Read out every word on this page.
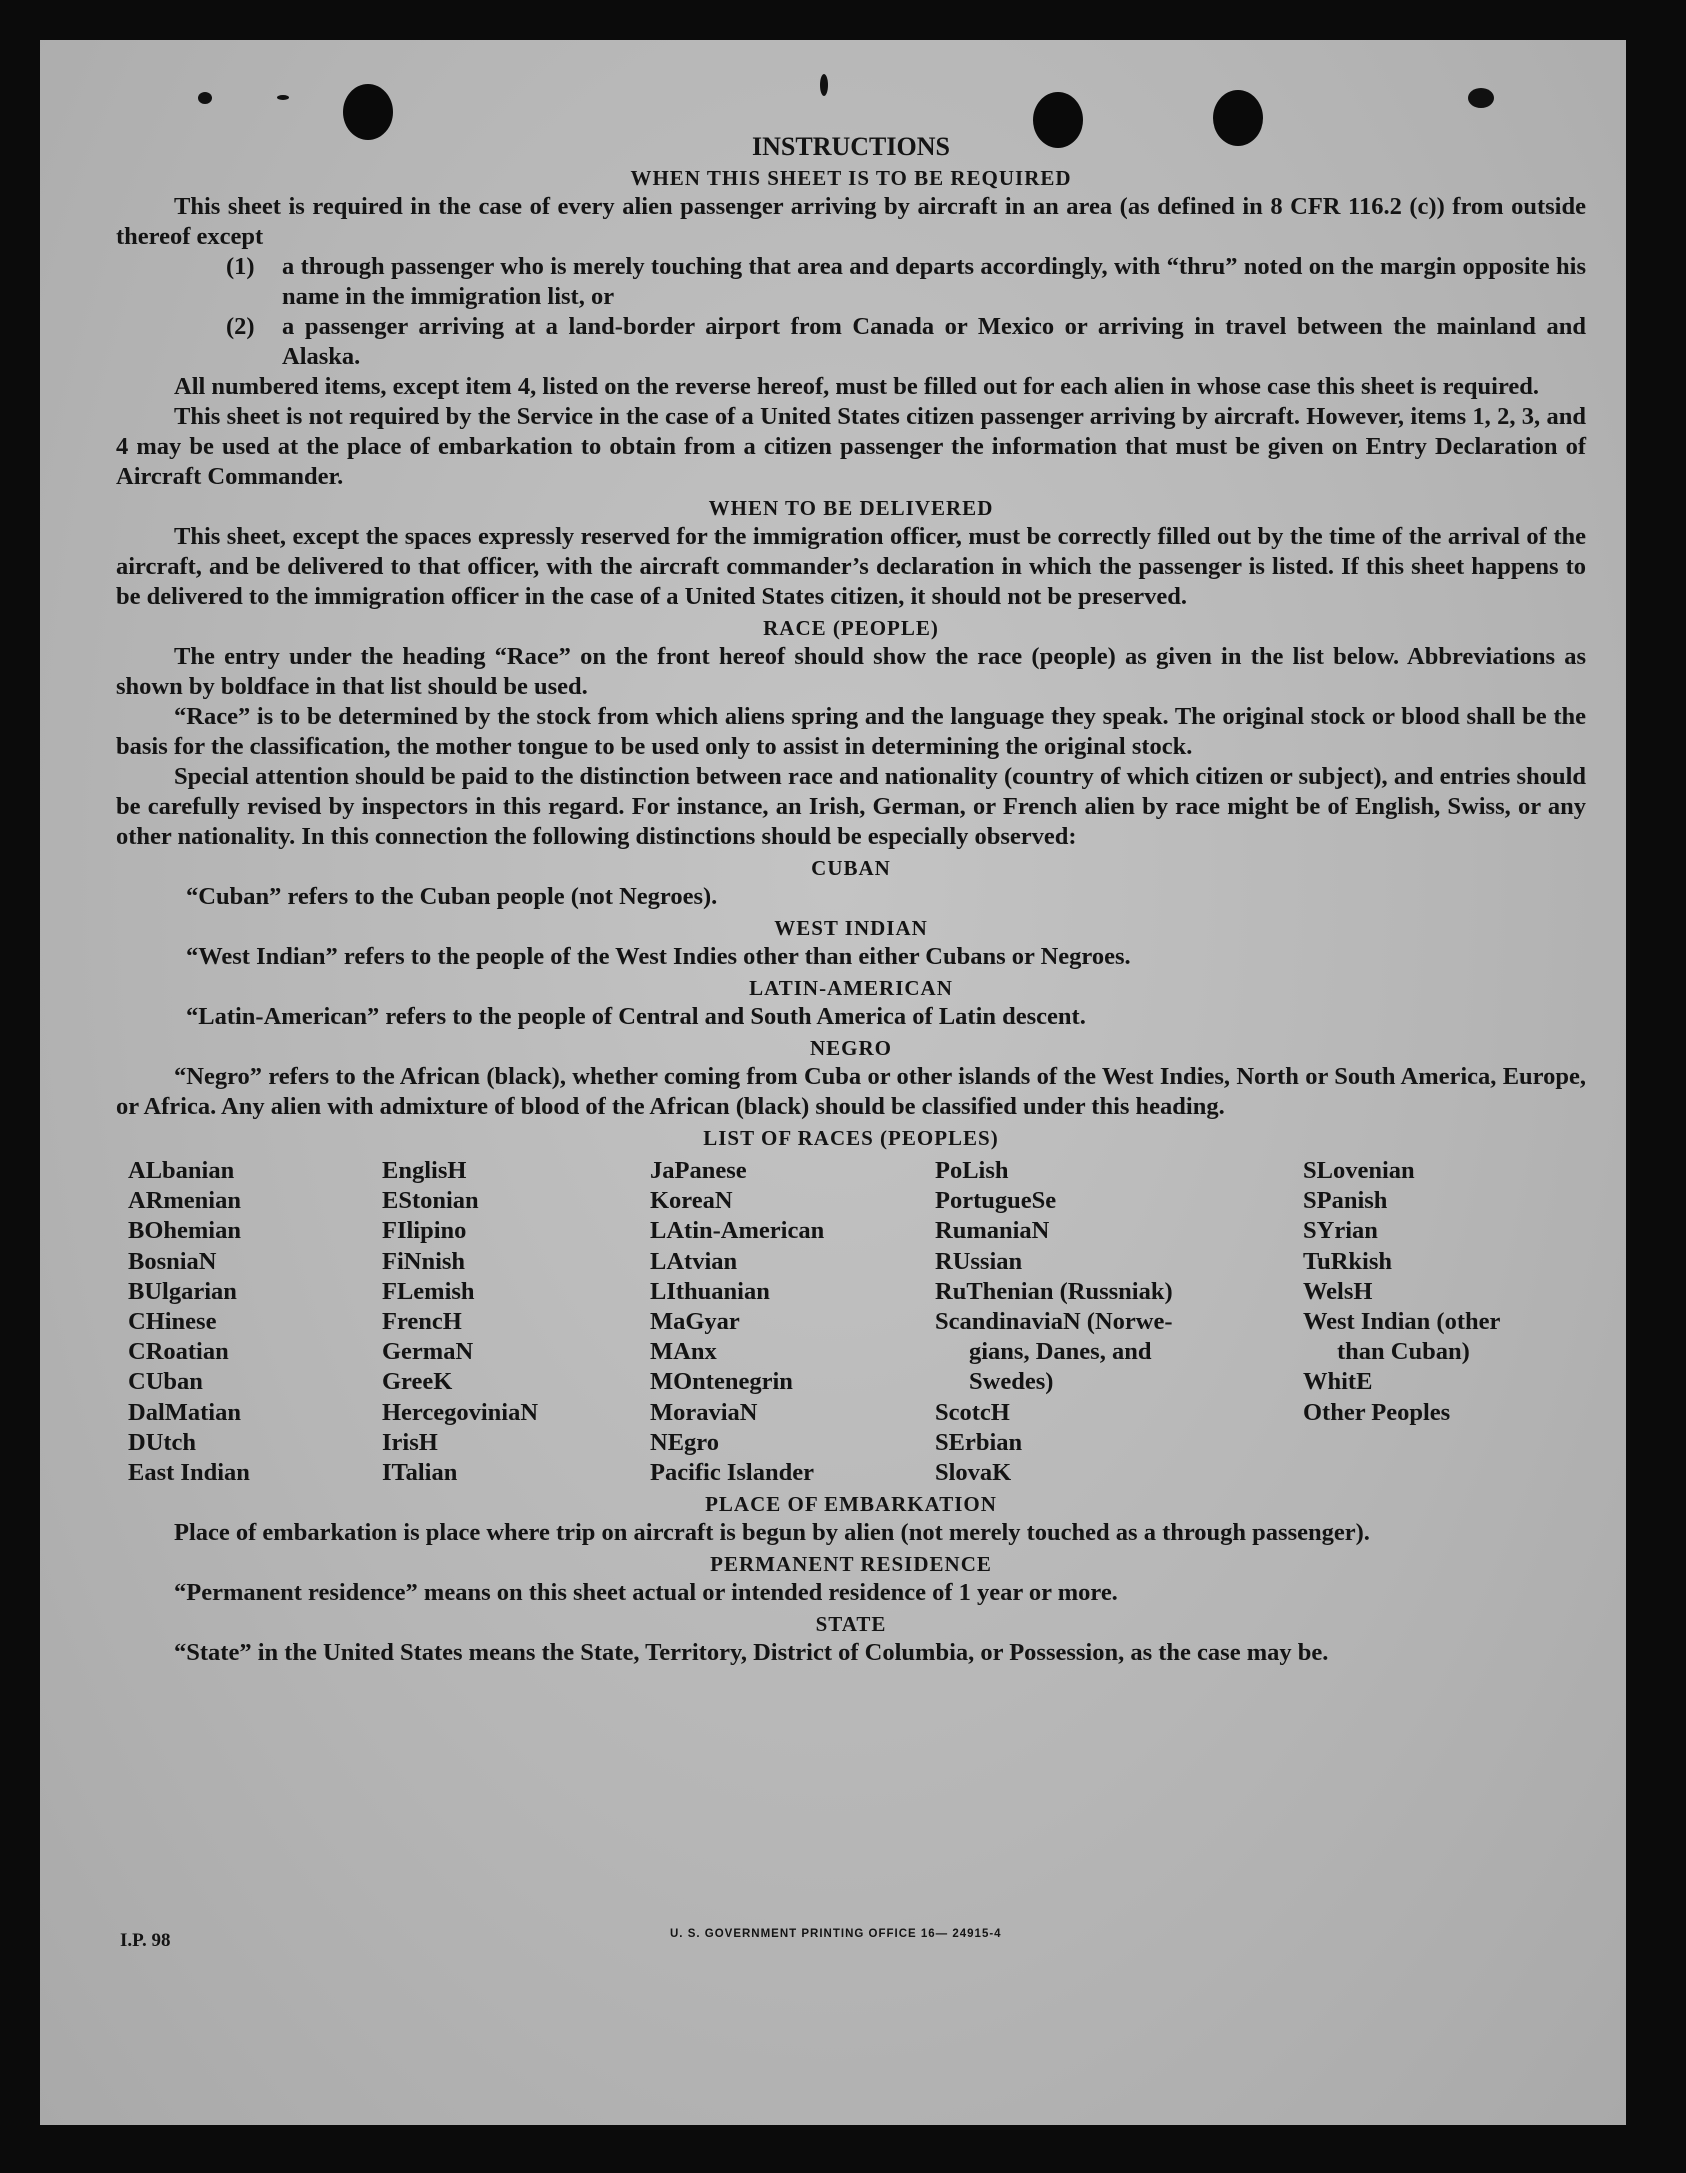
INSTRUCTIONS
WHEN THIS SHEET IS TO BE REQUIRED

This sheet is required in the case of every alien passenger arriving by aircraft in an area (as defined in 8 CFR 116.2 (c)) from outside thereof except

(1)	a through passenger who is merely touching that area and departs accordingly, with “thru” noted on the margin opposite his name in the immigration list, or
(2)	a passenger arriving at a land-border airport from Canada or Mexico or arriving in travel between the mainland and Alaska.

All numbered items, except item 4, listed on the reverse hereof, must be filled out for each alien in whose case this sheet is required.

This sheet is not required by the Service in the case of a United States citizen passenger arriving by aircraft. However, items 1, 2, 3, and 4 may be used at the place of embarkation to obtain from a citizen passenger the information that must be given on Entry Declaration of Aircraft Commander.

WHEN TO BE DELIVERED

This sheet, except the spaces expressly reserved for the immigration officer, must be correctly filled out by the time of the arrival of the aircraft, and be delivered to that officer, with the aircraft commander’s declaration in which the passenger is listed. If this sheet happens to be delivered to the immigration officer in the case of a United States citizen, it should not be preserved.

RACE (PEOPLE)

The entry under the heading “Race” on the front hereof should show the race (people) as given in the list below. Abbreviations as shown by boldface in that list should be used.

“Race” is to be determined by the stock from which aliens spring and the language they speak. The original stock or blood shall be the basis for the classification, the mother tongue to be used only to assist in determining the original stock.

Special attention should be paid to the distinction between race and nationality (country of which citizen or subject), and entries should be carefully revised by inspectors in this regard. For instance, an Irish, German, or French alien by race might be of English, Swiss, or any other nationality. In this connection the following distinctions should be especially observed:

CUBAN

“Cuban” refers to the Cuban people (not Negroes).

WEST INDIAN

“West Indian” refers to the people of the West Indies other than either Cubans or Negroes.

LATIN-AMERICAN

“Latin-American” refers to the people of Central and South America of Latin descent.

NEGRO

“Negro” refers to the African (black), whether coming from Cuba or other islands of the West Indies, North or South America, Europe, or Africa. Any alien with admixture of blood of the African (black) should be classified under this heading.

LIST OF RACES (PEOPLES)
ALbanian
ARmenian
BOhemian
BosniaN
BUlgarian
CHinese
CRoatian
CUban
DalMatian
DUtch
East Indian
EnglisH
EStonian
FIlipino
FiNnish
FLemish
FrencH
GermaN
GreeK
HercegoviniaN
IrisH
ITalian
JaPanese
KoreaN
LAtin-American
LAtvian
LIthuanian
MaGyar
MAnx
MOntenegrin
MoraviaN
NEgro
Pacific Islander
PoLish
PortugueSe
RumaniaN
RUssian
RuThenian (Russniak)
ScandinaviaN (Norwe-
gians, Danes, and
Swedes)
ScotcH
SErbian
SlovaK
SLovenian
SPanish
SYrian
TuRkish
WelsH
West Indian (other
than Cuban)
WhitE
Other Peoples
PLACE OF EMBARKATION

Place of embarkation is place where trip on aircraft is begun by alien (not merely touched as a through passenger).

PERMANENT RESIDENCE

“Permanent residence” means on this sheet actual or intended residence of 1 year or more.

STATE

“State” in the United States means the State, Territory, District of Columbia, or Possession, as the case may be.

I.P. 98	U. S. GOVERNMENT PRINTING OFFICE 16— 24915-4
